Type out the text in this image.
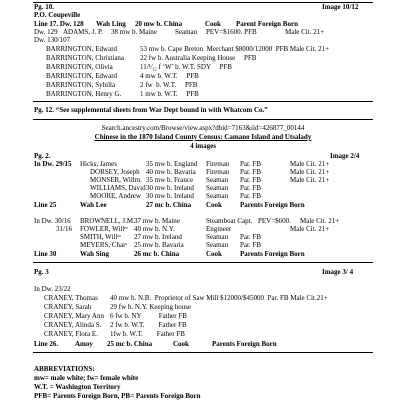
Pg. 10.	Image 10/12
P.O. Coupeville
Line 17. Dw. 128 Wah Ling 20 mw b. China	Cook Parent Foreign Born
Dw. 129 ADAMS, J. P. 38 mw b. Maine	Seaman PEV=$1600. PFB	Male Cit. 21+
Dw. 130/107
BARRINGTON, Edward	53 mw b. Cape Breton  Merchant $8000/12000  PFB Male Cit. 21+
BARRINGTON, Christiana 22 fw b. Australia Keeping House     PFB
BARRINGTON, Olivia	11/¹⁄₁₂ f ‘W’ b. W.T. SDY     PFB
BARRINGTON, Edward	4 mw b. W.T.     PFB
BARRINGTON, Sybilla	2 fw  b. W.T.     PFB
BARRINGTON, Henry G.	1 mw b. W.T.     PFB
Pg. 12. “See supplemental sheets from War Dept bound in with Whatcom Co.”
Search.ancestry.com/Browse/view.aspx?dbid=7163&iid=426877_00144
Chinese in the 1870 Island County Census: Camano Island and Utsalady
4 images
Pg. 2.	Image 2/4
In Dw. 29/15 Hicks, James	35 mw b. England Fireman Par. FB	Male Cit. 21+
DORSEY, Joseph 40 mw b. Bavaria Fireman Par. FB	Male Cit. 21+
MONSER, Willm. 35 mw b. France Seaman Par. FB	Male Cit. 21+
WILLIAMS, David 30 mw b. Ireland Seaman Par. FB
MOORE, Andrew 30 mw b. Ireland Seaman Par. FB
Line 25	Wah Lee	27 mc b. China Cook	Parents Foreign Born
In Dw. 30/16 BROWNELL, J.M. 37 mw b. Maine	Steamboat Capt. PEV=$600. Male Cit. 21+
31/16 FOWLER, Willᵐ 40 mw b. N.Y.	Engineer	Male Cit. 21+
SMITH, Willᵐ 27 mw b. Ireland	Seaman Par. FB
MEYERS, Charˢ 25 mw b. Bavaria	Seaman Par. FB
Line 30	Wah Sing	26 mc b. China	Cook	Parents Foreign Born
Pg. 3	Image 3/ 4
In Dw. 23/22
CRANEY, Thomas 40 mw b. N.B.  Proprietor of Saw Mill $12000/$45000  Par. FB Male Cit.21+
CRANEY, Sarah	29 fw b. N.Y. Keeping house
CRANEY, Mary Ann 6 fw b. NY          Father FB
CRANEY, Alinda S. 2 fw b. W.T.        Father FB
CRANEY, Flora E. 1fw b. W.T.        Father FB
Line 26. Amoy 25 mc b. China	Cook	Parents Foreign Born
ABBREVIATIONS:
mw= male white; fw= female white
W.T. = Washington Territory
PFB= Parents Foreign Born, PB= Parents Foreign Born
